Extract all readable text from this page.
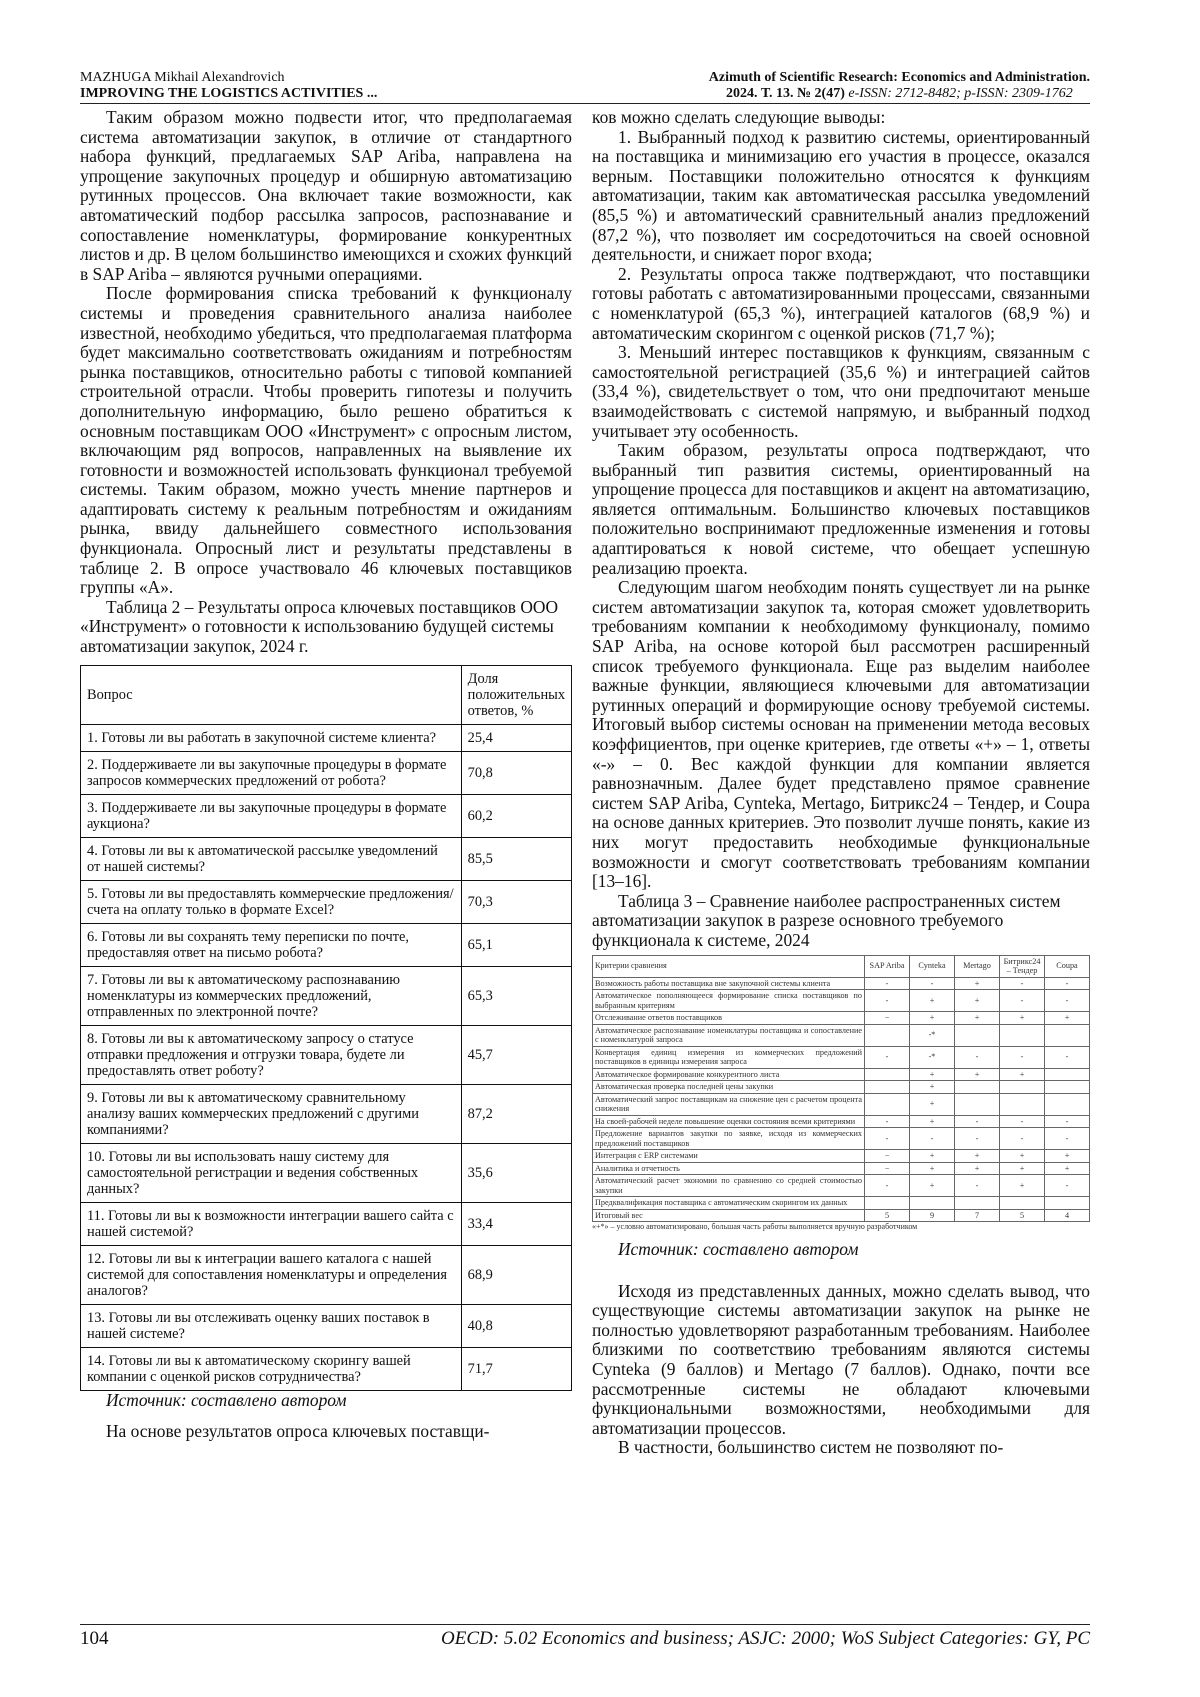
MAZHUGA Mikhail Alexandrovich
IMPROVING THE LOGISTICS ACTIVITIES ...
Azimuth of Scientific Research: Economics and Administration.
2024. Т. 13. № 2(47) e-ISSN: 2712-8482; p-ISSN: 2309-1762

Таким образом можно подвести итог, что предполагаемая система автоматизации закупок, в отличие от стандартного набора функций, предлагаемых SAP Ariba, направлена на упрощение закупочных процедур и обширную автоматизацию рутинных процессов. Она включает такие возможности, как автоматический подбор рассылка запросов, распознавание и сопоставление номенклатуры, формирование конкурентных листов и др. В целом большинство имеющихся и схожих функций в SAP Ariba – являются ручными операциями.

После формирования списка требований к функционалу системы и проведения сравнительного анализа наиболее известной, необходимо убедиться, что предполагаемая платформа будет максимально соответствовать ожиданиям и потребностям рынка поставщиков, относительно работы с типовой компанией строительной отрасли. Чтобы проверить гипотезы и получить дополнительную информацию, было решено обратиться к основным поставщикам ООО «Инструмент» с опросным листом, включающим ряд вопросов, направленных на выявление их готовности и возможностей использовать функционал требуемой системы. Таким образом, можно учесть мнение партнеров и адаптировать систему к реальным потребностям и ожиданиям рынка, ввиду дальнейшего совместного использования функционала. Опросный лист и результаты представлены в таблице 2. В опросе участвовало 46 ключевых поставщиков группы «А».

Таблица 2 – Результаты опроса ключевых поставщиков ООО «Инструмент» о готовности к использованию будущей системы автоматизации закупок, 2024 г.

Вопрос	Доля положительных ответов, %
1. Готовы ли вы работать в закупочной системе клиента?	25,4
2. Поддерживаете ли вы закупочные процедуры в формате запросов коммерческих предложений от робота?	70,8
3. Поддерживаете ли вы закупочные процедуры в формате аукциона?	60,2
4. Готовы ли вы к автоматической рассылке уведомлений от нашей системы?	85,5
5. Готовы ли вы предоставлять коммерческие предложения/счета на оплату только в формате Excel?	70,3
6. Готовы ли вы сохранять тему переписки по почте, предоставляя ответ на письмо робота?	65,1
7. Готовы ли вы к автоматическому распознаванию номенклатуры из коммерческих предложений, отправленных по электронной почте?	65,3
8. Готовы ли вы к автоматическому запросу о статусе отправки предложения и отгрузки товара, будете ли предоставлять ответ роботу?	45,7
9. Готовы ли вы к автоматическому сравнительному анализу ваших коммерческих предложений с другими компаниями?	87,2
10. Готовы ли вы использовать нашу систему для самостоятельной регистрации и ведения собственных данных?	35,6
11. Готовы ли вы к возможности интеграции вашего сайта с нашей системой?	33,4
12. Готовы ли вы к интеграции вашего каталога с нашей системой для сопоставления номенклатуры и определения аналогов?	68,9
13. Готовы ли вы отслеживать оценку ваших поставок в нашей системе?	40,8
14. Готовы ли вы к автоматическому скорингу вашей компании с оценкой рисков сотрудничества?	71,7

Источник: составлено автором

На основе результатов опроса ключевых поставщи-

ков можно сделать следующие выводы:

1. Выбранный подход к развитию системы, ориентированный на поставщика и минимизацию его участия в процессе, оказался верным. Поставщики положительно относятся к функциям автоматизации, таким как автоматическая рассылка уведомлений (85,5 %) и автоматический сравнительный анализ предложений (87,2 %), что позволяет им сосредоточиться на своей основной деятельности, и снижает порог входа;

2. Результаты опроса также подтверждают, что поставщики готовы работать с автоматизированными процессами, связанными с номенклатурой (65,3 %), интеграцией каталогов (68,9 %) и автоматическим скорингом с оценкой рисков (71,7 %);

3. Меньший интерес поставщиков к функциям, связанным с самостоятельной регистрацией (35,6 %) и интеграцией сайтов (33,4 %), свидетельствует о том, что они предпочитают меньше взаимодействовать с системой напрямую, и выбранный подход учитывает эту особенность.

Таким образом, результаты опроса подтверждают, что выбранный тип развития системы, ориентированный на упрощение процесса для поставщиков и акцент на автоматизацию, является оптимальным. Большинство ключевых поставщиков положительно воспринимают предложенные изменения и готовы адаптироваться к новой системе, что обещает успешную реализацию проекта.

Следующим шагом необходим понять существует ли на рынке систем автоматизации закупок та, которая сможет удовлетворить требованиям компании к необходимому функционалу, помимо SAP Ariba, на основе которой был рассмотрен расширенный список требуемого функционала. Еще раз выделим наиболее важные функции, являющиеся ключевыми для автоматизации рутинных операций и формирующие основу требуемой системы. Итоговый выбор системы основан на применении метода весовых коэффициентов, при оценке критериев, где ответы «+» – 1, ответы «-» – 0. Вес каждой функции для компании является равнозначным. Далее будет представлено прямое сравнение систем SAP Ariba, Cynteka, Mertago, Битрикс24 – Тендер, и Coupa на основе данных критериев. Это позволит лучше понять, какие из них могут предоставить необходимые функциональные возможности и смогут соответствовать требованиям компании [13–16].

Таблица 3 – Сравнение наиболее распространенных систем автоматизации закупок в разрезе основного требуемого функционала к системе, 2024

Критерии сравнения	SAP Ariba	Cynteka	Mertago	Битрикс24 – Тендер	Coupa
Возможность работы поставщика вне закупочной системы клиента	-	-	+	-	-
Автоматическое пополняющееся формирование списка поставщиков по выбранным критериям	-	+	+	-	-
Отслеживание ответов поставщиков	−	+	+	+	+
Автоматическое распознавание номенклатуры поставщика и сопоставление с номенклатурой запроса		-*			
Конвертация единиц измерения из коммерческих предложений поставщиков в единицы измерения запроса	-	-*	-	-	-
Автоматическое формирование конкурентного листа		+	+	+	
Автоматическая проверка последней цены закупки		+			
Автоматический запрос поставщикам на снижение цен с расчетом процента снижения		+			
На своей-рабочей неделе повышение оценки состояния всеми критериями	-	+	-	-	-
Предложение вариантов закупки по заявке, исходя из коммерческих предложений поставщиков	-	-	-	-	-
Интеграция с ERP системами	−	+	+	+	+
Аналитика и отчетность	−	+	+	+	+
Автоматический расчет экономии по сравнению со средней стоимостью закупки	-	+	-	+	-
Предквалификация поставщика с автоматическим скорингом их данных					
Итоговый вес	5	9	7	5	4
«+*» – условно автоматизировано, большая часть работы выполняется вручную разработчиком

Источник: составлено автором

Исходя из представленных данных, можно сделать вывод, что существующие системы автоматизации закупок на рынке не полностью удовлетворяют разработанным требованиям. Наиболее близкими по соответствию требованиям являются системы Cynteka (9 баллов) и Mertago (7 баллов). Однако, почти все рассмотренные системы не обладают ключевыми функциональными возможностями, необходимыми для автоматизации процессов.

В частности, большинство систем не позволяют по-

104	OECD: 5.02 Economics and business; ASJC: 2000; WoS Subject Categories: GY, PC
